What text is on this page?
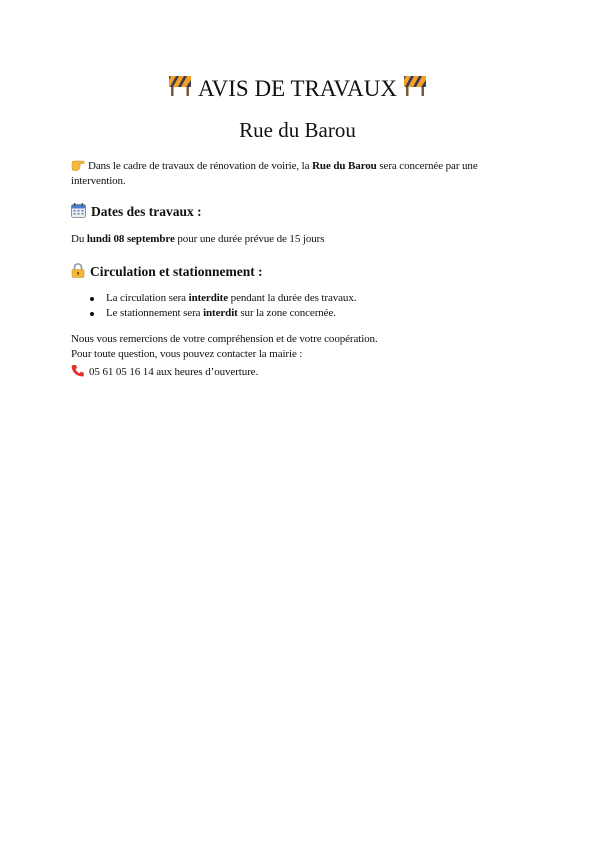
AVIS DE TRAVAUX
Rue du Barou
Dans le cadre de travaux de rénovation de voirie, la Rue du Barou sera concernée par une intervention.
Dates des travaux :
Du lundi 08 septembre pour une durée prévue de 15 jours
Circulation et stationnement :
La circulation sera interdite pendant la durée des travaux.
Le stationnement sera interdit sur la zone concernée.
Nous vous remercions de votre compréhension et de votre coopération.
Pour toute question, vous pouvez contacter la mairie :
05 61 05 16 14 aux heures d’ouverture.
